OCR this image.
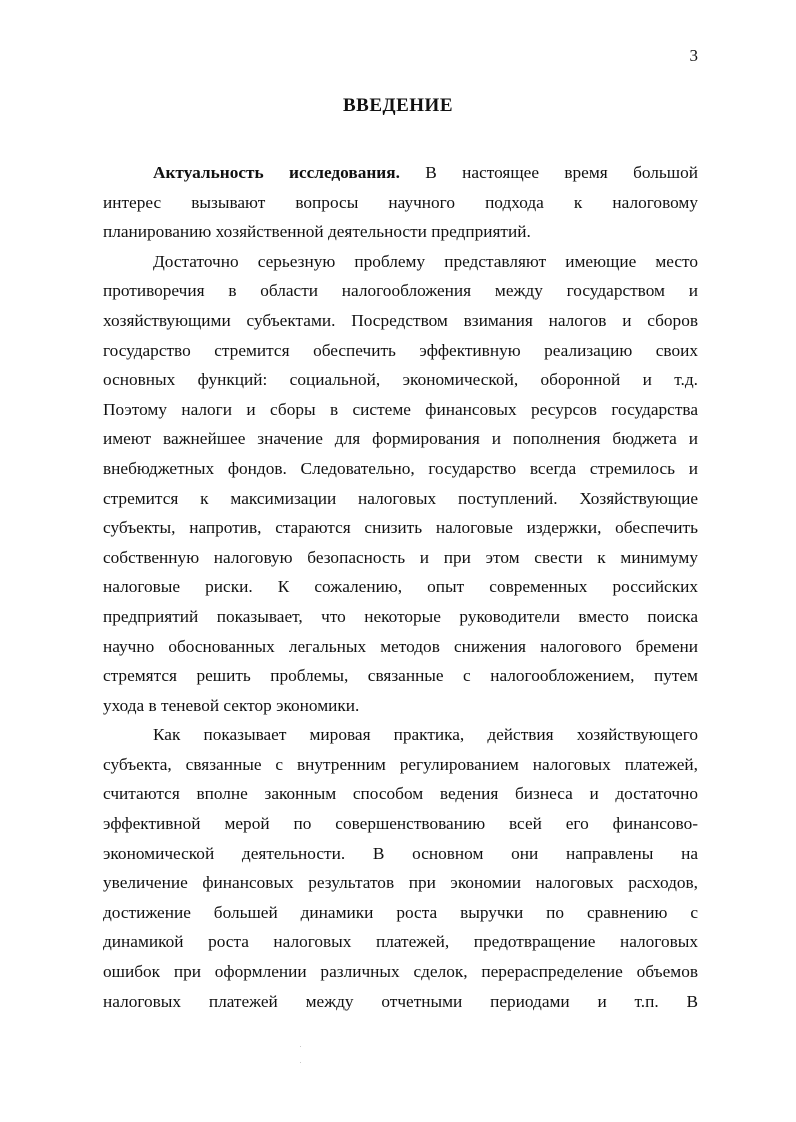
3
ВВЕДЕНИЕ
Актуальность исследования. В настоящее время большой
интерес вызывают вопросы научного подхода к налоговому
планированию хозяйственной деятельности предприятий.
Достаточно серьезную проблему представляют имеющие место
противоречия в области налогообложения между государством и
хозяйствующими субъектами. Посредством взимания налогов и сборов
государство стремится обеспечить эффективную реализацию своих
основных функций: социальной, экономической, оборонной и т.д.
Поэтому налоги и сборы в системе финансовых ресурсов государства
имеют важнейшее значение для формирования и пополнения бюджета и
внебюджетных фондов. Следовательно, государство всегда стремилось и
стремится к максимизации налоговых поступлений. Хозяйствующие
субъекты, напротив, стараются снизить налоговые издержки, обеспечить
собственную налоговую безопасность и при этом свести к минимуму
налоговые риски. К сожалению, опыт современных российских
предприятий показывает, что некоторые руководители вместо поиска
научно обоснованных легальных методов снижения налогового бремени
стремятся решить проблемы, связанные с налогообложением, путем
ухода в теневой сектор экономики.
Как показывает мировая практика, действия хозяйствующего
субъекта, связанные с внутренним регулированием налоговых платежей,
считаются вполне законным способом ведения бизнеса и достаточно
эффективной мерой по совершенствованию всей его финансово-
экономической деятельности. В основном они направлены на
увеличение финансовых результатов при экономии налоговых расходов,
достижение большей динамики роста выручки по сравнению с
динамикой роста налоговых платежей, предотвращение налоговых
ошибок при оформлении различных сделок, перераспределение объемов
налоговых платежей между отчетными периодами и т.п. В
